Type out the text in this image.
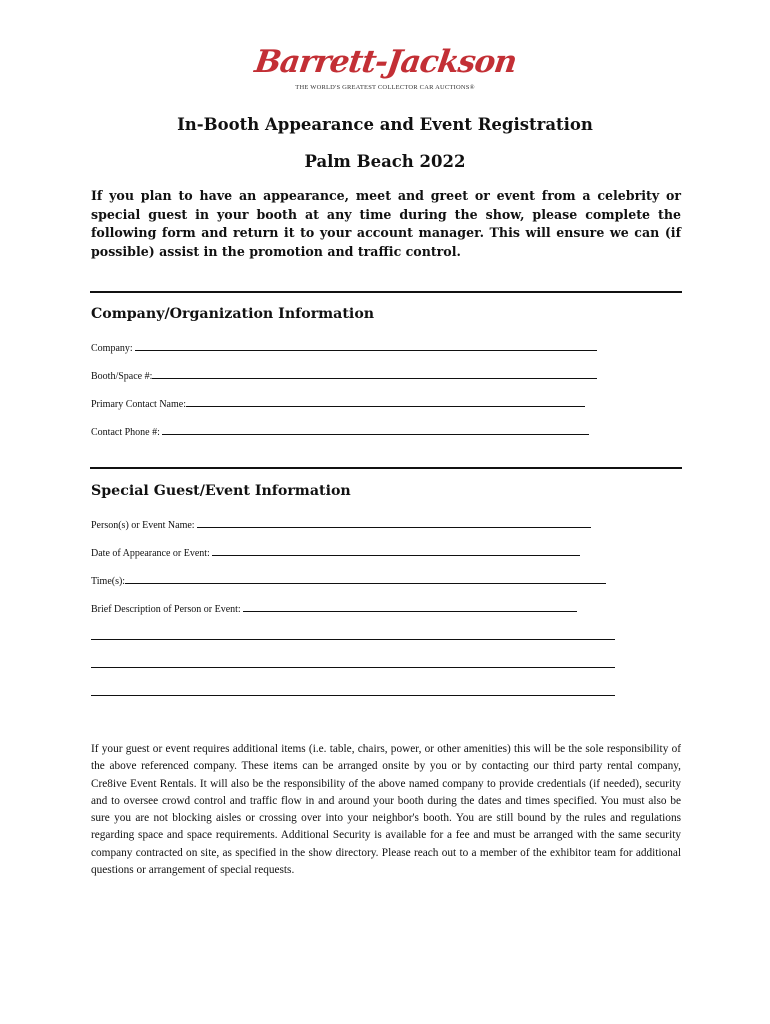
Barrett-Jackson
THE WORLD'S GREATEST COLLECTOR CAR AUCTIONS®
In-Booth Appearance and Event Registration
Palm Beach 2022
If you plan to have an appearance, meet and greet or event from a celebrity or special guest in your booth at any time during the show, please complete the following form and return it to your account manager. This will ensure we can (if possible) assist in the promotion and traffic control.
Company/Organization Information
Company:
Booth/Space #:
Primary Contact Name:
Contact Phone #:
Special Guest/Event Information
Person(s) or Event Name:
Date of Appearance or Event:
Time(s):
Brief Description of Person or Event:
If your guest or event requires additional items (i.e. table, chairs, power, or other amenities) this will be the sole responsibility of the above referenced company. These items can be arranged onsite by you or by contacting our third party rental company, Cre8ive Event Rentals. It will also be the responsibility of the above named company to provide credentials (if needed), security and to oversee crowd control and traffic flow in and around your booth during the dates and times specified. You must also be sure you are not blocking aisles or crossing over into your neighbor's booth. You are still bound by the rules and regulations regarding space and space requirements. Additional Security is available for a fee and must be arranged with the same security company contracted on site, as specified in the show directory. Please reach out to a member of the exhibitor team for additional questions or arrangement of special requests.
